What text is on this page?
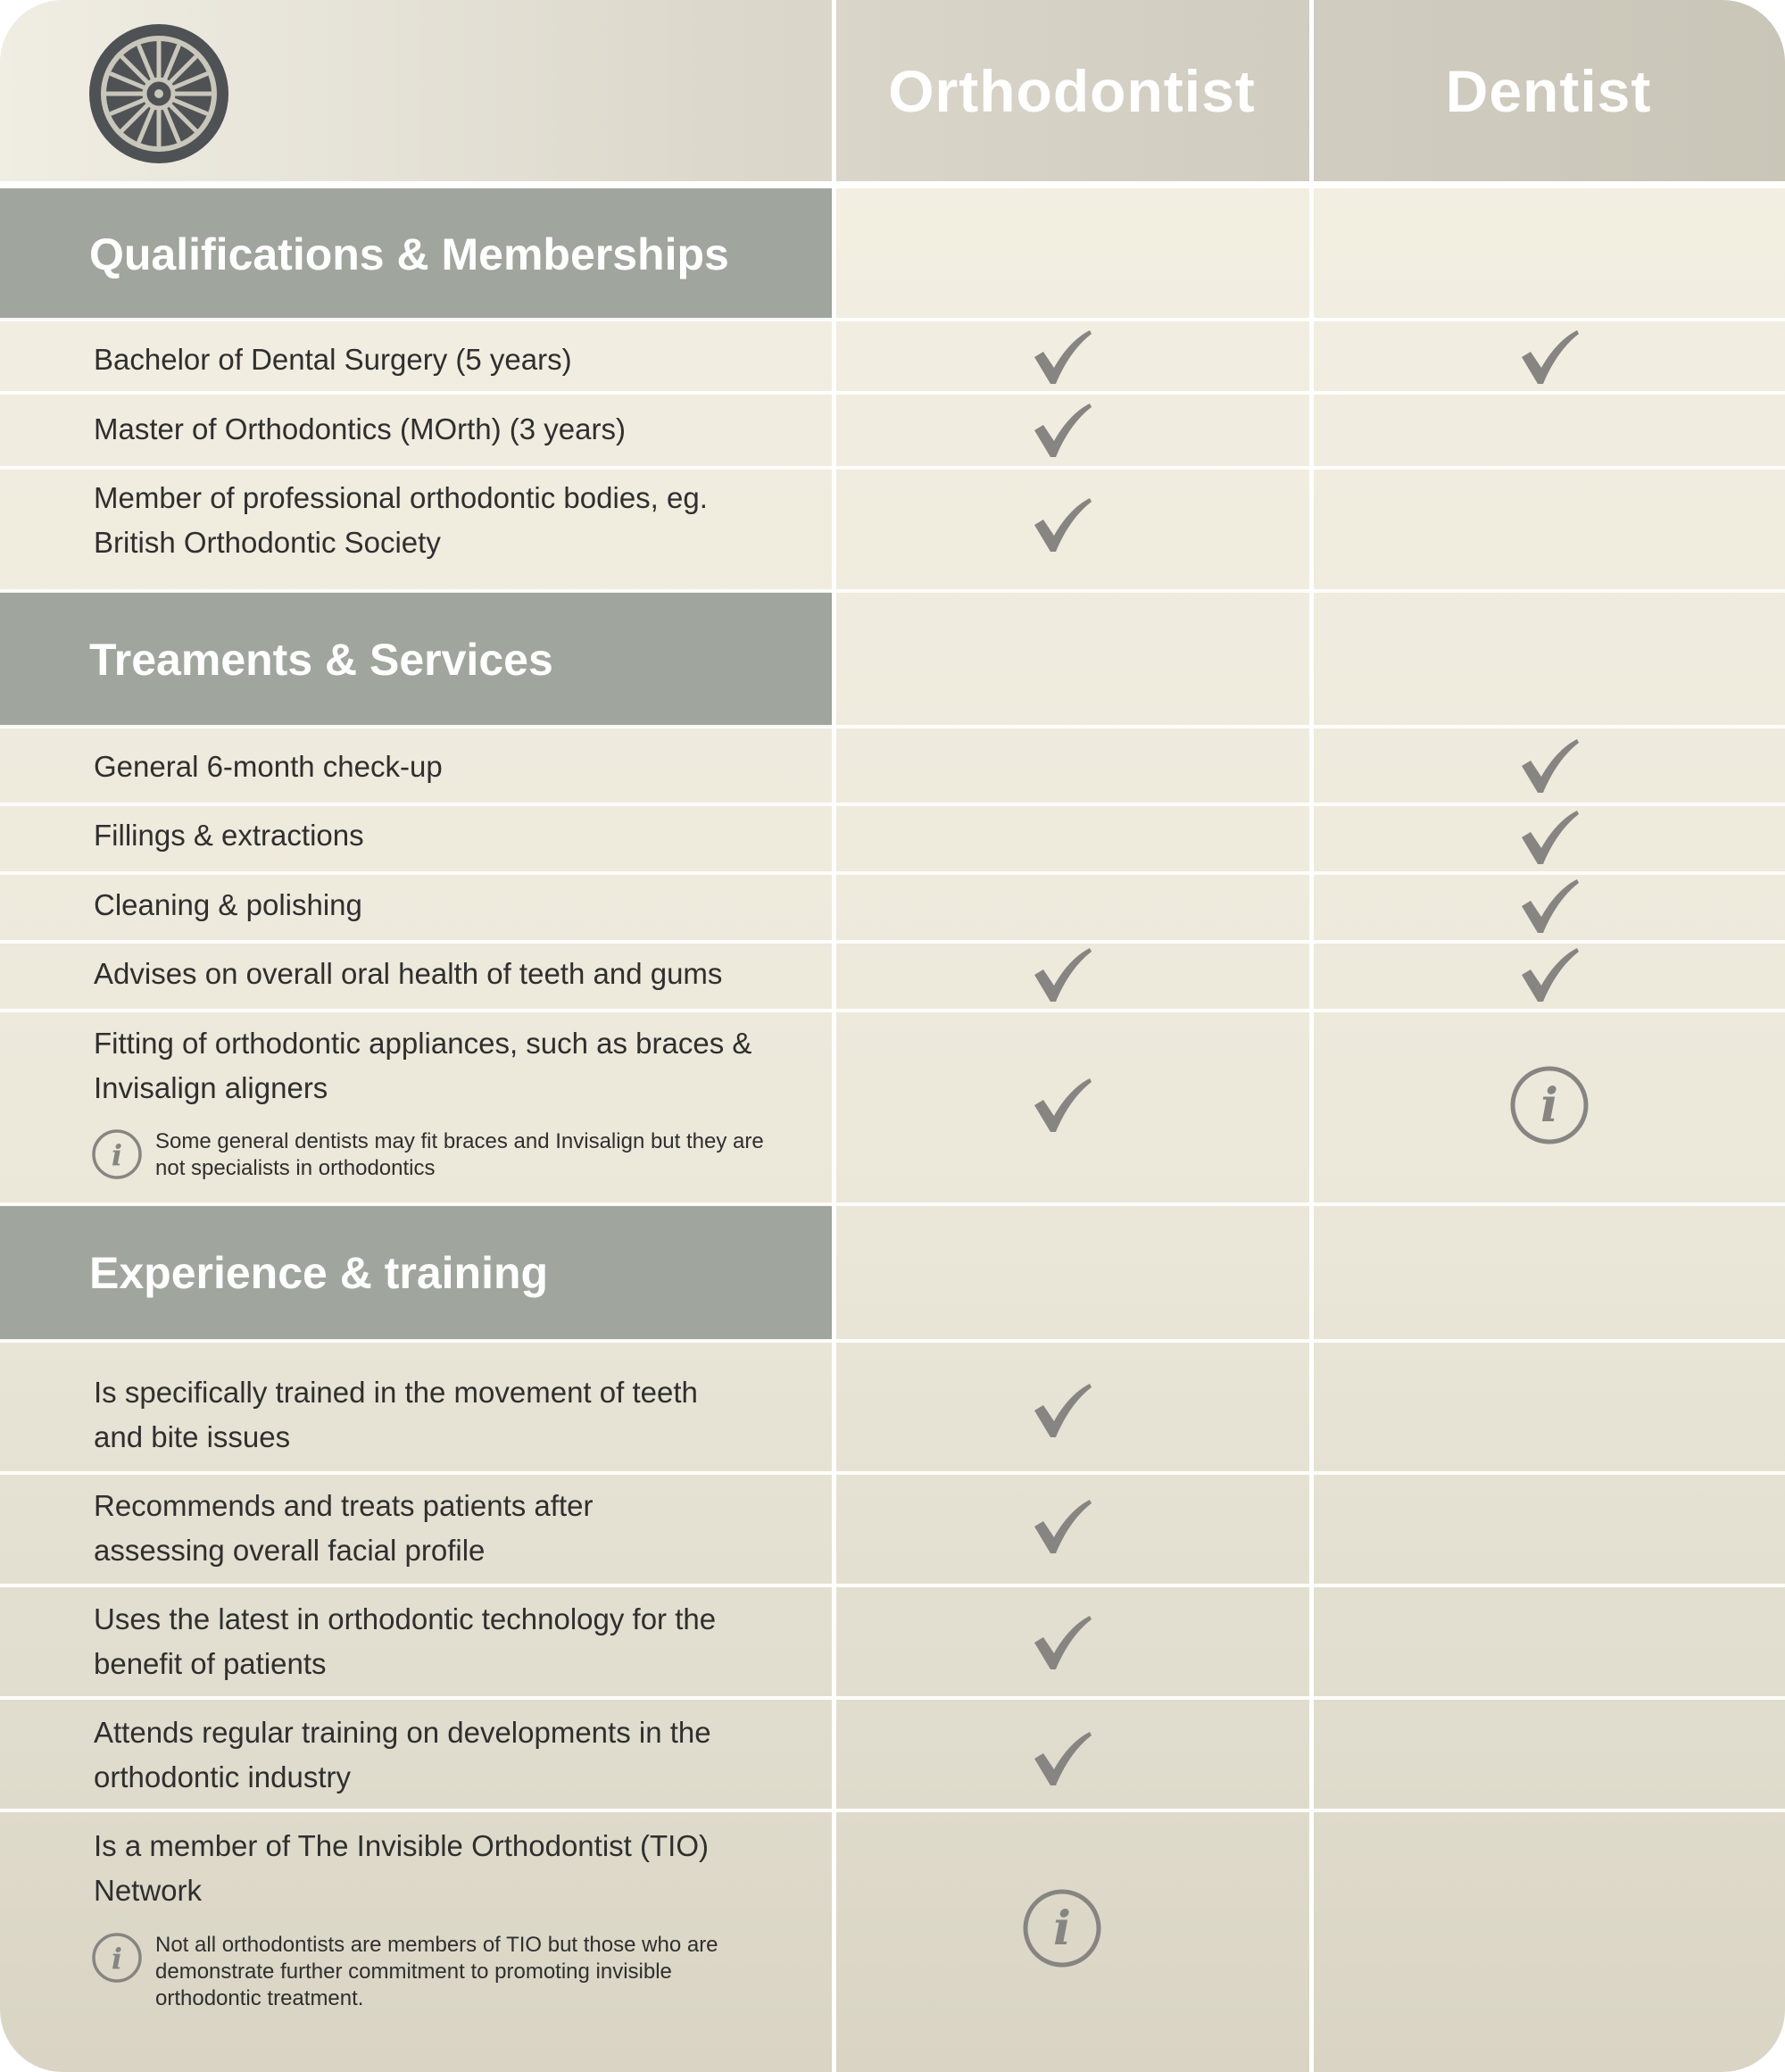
Orthodontist	Dentist
Qualifications & Memberships
Treaments & Services
Experience & training
Bachelor of Dental Surgery (5 years)
Master of Orthodontics (MOrth) (3 years)
Member of professional orthodontic bodies, eg. British Orthodontic Society
General 6-month check-up
Fillings & extractions
Cleaning & polishing
Advises on overall oral health of teeth and gums
Fitting of orthodontic appliances, such as braces & Invisalign aligners
i Some general dentists may fit braces and Invisalign but they are not specialists in orthodontics
Is specifically trained in the movement of teeth and bite issues
Recommends and treats patients after assessing overall facial profile
Uses the latest in orthodontic technology for the benefit of patients
Attends regular training on developments in the orthodontic industry
Is a member of The Invisible Orthodontist (TIO) Network
i Not all orthodontists are members of TIO but those who are demonstrate further commitment to promoting invisible orthodontic treatment.
i
i
